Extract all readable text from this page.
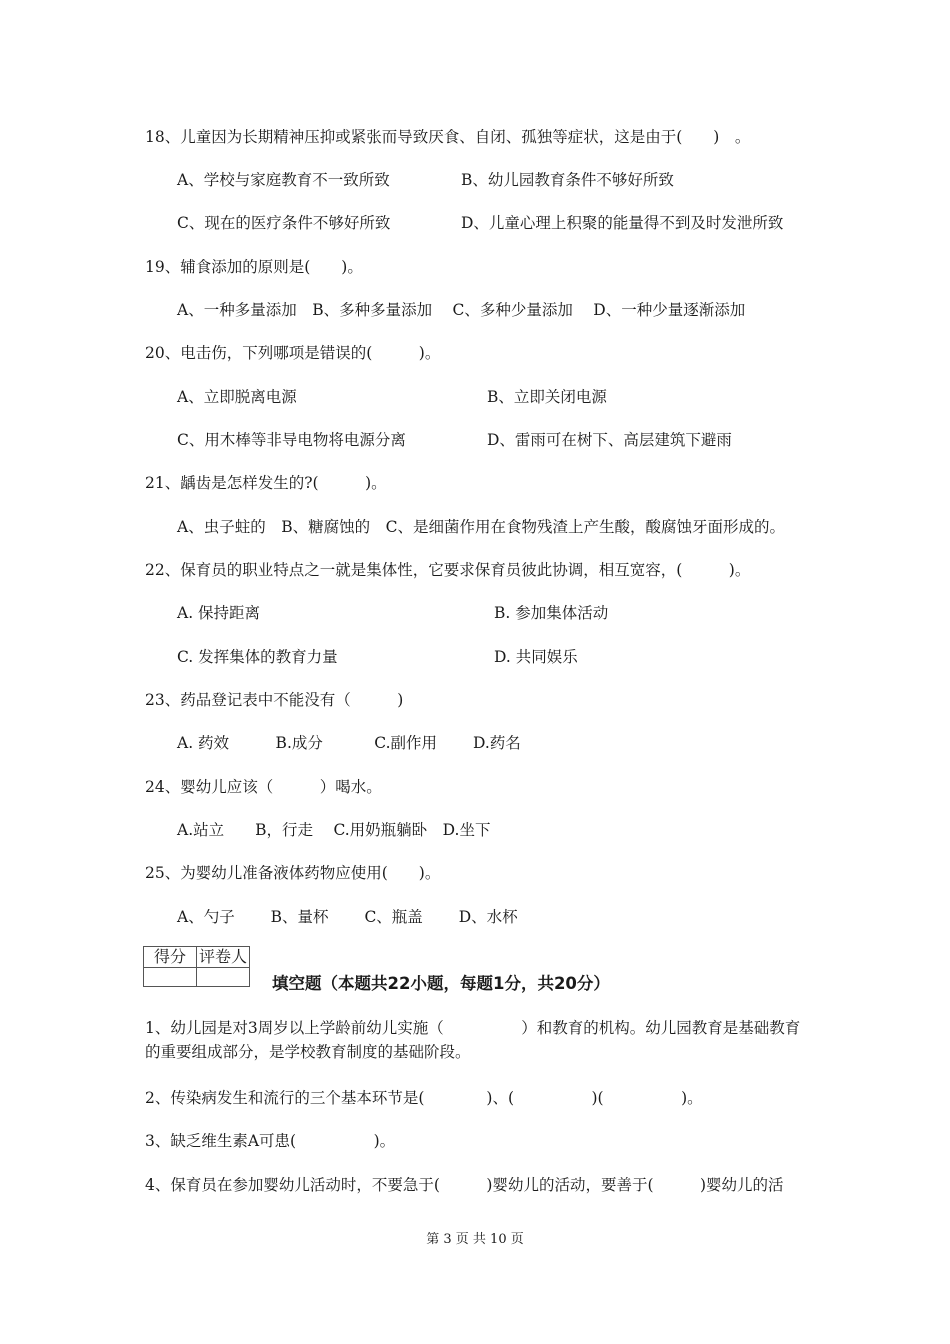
18、儿童因为长期精神压抑或紧张而导致厌食、自闭、孤独等症状，这是由于(　　)　。
A、学校与家庭教育不一致所致	B、幼儿园教育条件不够好所致
C、现在的医疗条件不够好所致	D、儿童心理上积聚的能量得不到及时发泄所致
19、辅食添加的原则是(　　)。
A、一种多量添加　B、多种多量添加　 C、多种少量添加　 D、一种少量逐渐添加
20、电击伤，下列哪项是错误的(　　　)。
A、立即脱离电源	B、立即关闭电源
C、用木棒等非导电物将电源分离	D、雷雨可在树下、高层建筑下避雨
21、龋齿是怎样发生的?(　　　)。
A、虫子蛀的　B、糖腐蚀的　C、是细菌作用在食物残渣上产生酸，酸腐蚀牙面形成的。
22、保育员的职业特点之一就是集体性，它要求保育员彼此协调，相互宽容，(　　　)。
A. 保持距离	B. 参加集体活动
C. 发挥集体的教育力量	D. 共同娱乐
23、药品登记表中不能没有（　　　)
A. 药效　　　B.成分　　　 C.副作用　　 D.药名
24、婴幼儿应该（　　　）喝水。
A.站立　　B，行走　 C.用奶瓶躺卧　D.坐下
25、为婴幼儿准备液体药物应使用(　　)。
A、勺子　　 B、量杯　　 C、瓶盖　　 D、水杯
得分	评卷人

填空题（本题共22小题，每题1分，共20分）
1、幼儿园是对3周岁以上学龄前幼儿实施（　　　　　）和教育的机构。幼儿园教育是基础教育的重要组成部分，是学校教育制度的基础阶段。
2、传染病发生和流行的三个基本环节是(　　　　)、(　　　　　)(　　　　　)。
3、缺乏维生素A可患(　　　　　)。
4、保育员在参加婴幼儿活动时，不要急于(　　　)婴幼儿的活动，要善于(　　　)婴幼儿的活
第 3 页 共 10 页
